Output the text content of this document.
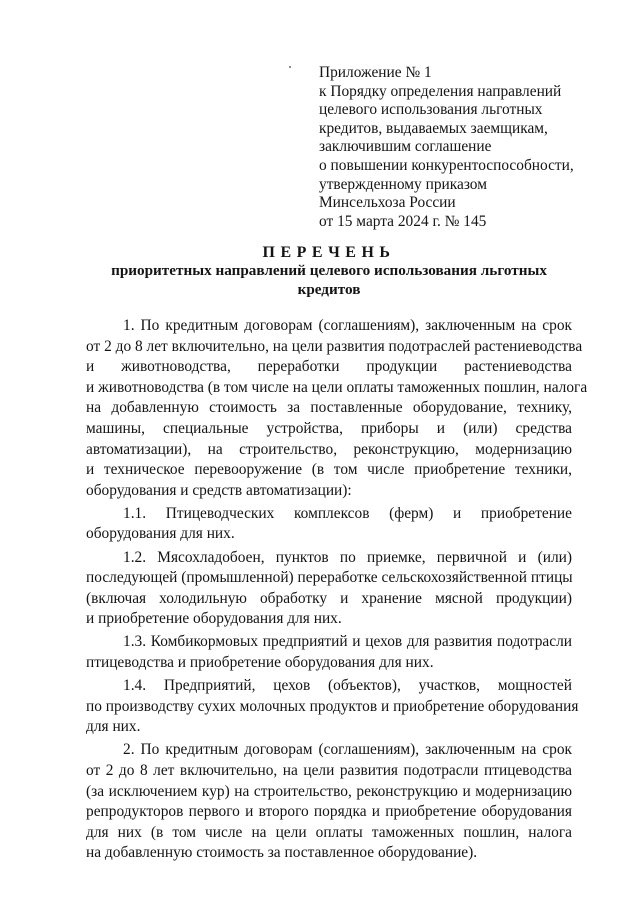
Приложение № 1
к Порядку определения направлений
целевого использования льготных
кредитов, выдаваемых заемщикам,
заключившим соглашение
о повышении конкурентоспособности,
утвержденному приказом
Минсельхоза России
от 15 марта 2024 г. № 145
ПЕРЕЧЕНЬ
приоритетных направлений целевого использования льготных
кредитов
1. По кредитным договорам (соглашениям), заключенным на срок
от 2 до 8 лет включительно, на цели развития подотраслей растениеводства
и животноводства, переработки продукции растениеводства
и животноводства (в том числе на цели оплаты таможенных пошлин, налога
на добавленную стоимость за поставленные оборудование, технику,
машины, специальные устройства, приборы и (или) средства
автоматизации), на строительство, реконструкцию, модернизацию
и техническое перевооружение (в том числе приобретение техники,
оборудования и средств автоматизации):
1.1. Птицеводческих комплексов (ферм) и приобретение
оборудования для них.
1.2. Мясохладобоен, пунктов по приемке, первичной и (или)
последующей (промышленной) переработке сельскохозяйственной птицы
(включая холодильную обработку и хранение мясной продукции)
и приобретение оборудования для них.
1.3. Комбикормовых предприятий и цехов для развития подотрасли
птицеводства и приобретение оборудования для них.
1.4. Предприятий, цехов (объектов), участков, мощностей
по производству сухих молочных продуктов и приобретение оборудования
для них.
2. По кредитным договорам (соглашениям), заключенным на срок
от 2 до 8 лет включительно, на цели развития подотрасли птицеводства
(за исключением кур) на строительство, реконструкцию и модернизацию
репродукторов первого и второго порядка и приобретение оборудования
для них (в том числе на цели оплаты таможенных пошлин, налога
на добавленную стоимость за поставленное оборудование).
